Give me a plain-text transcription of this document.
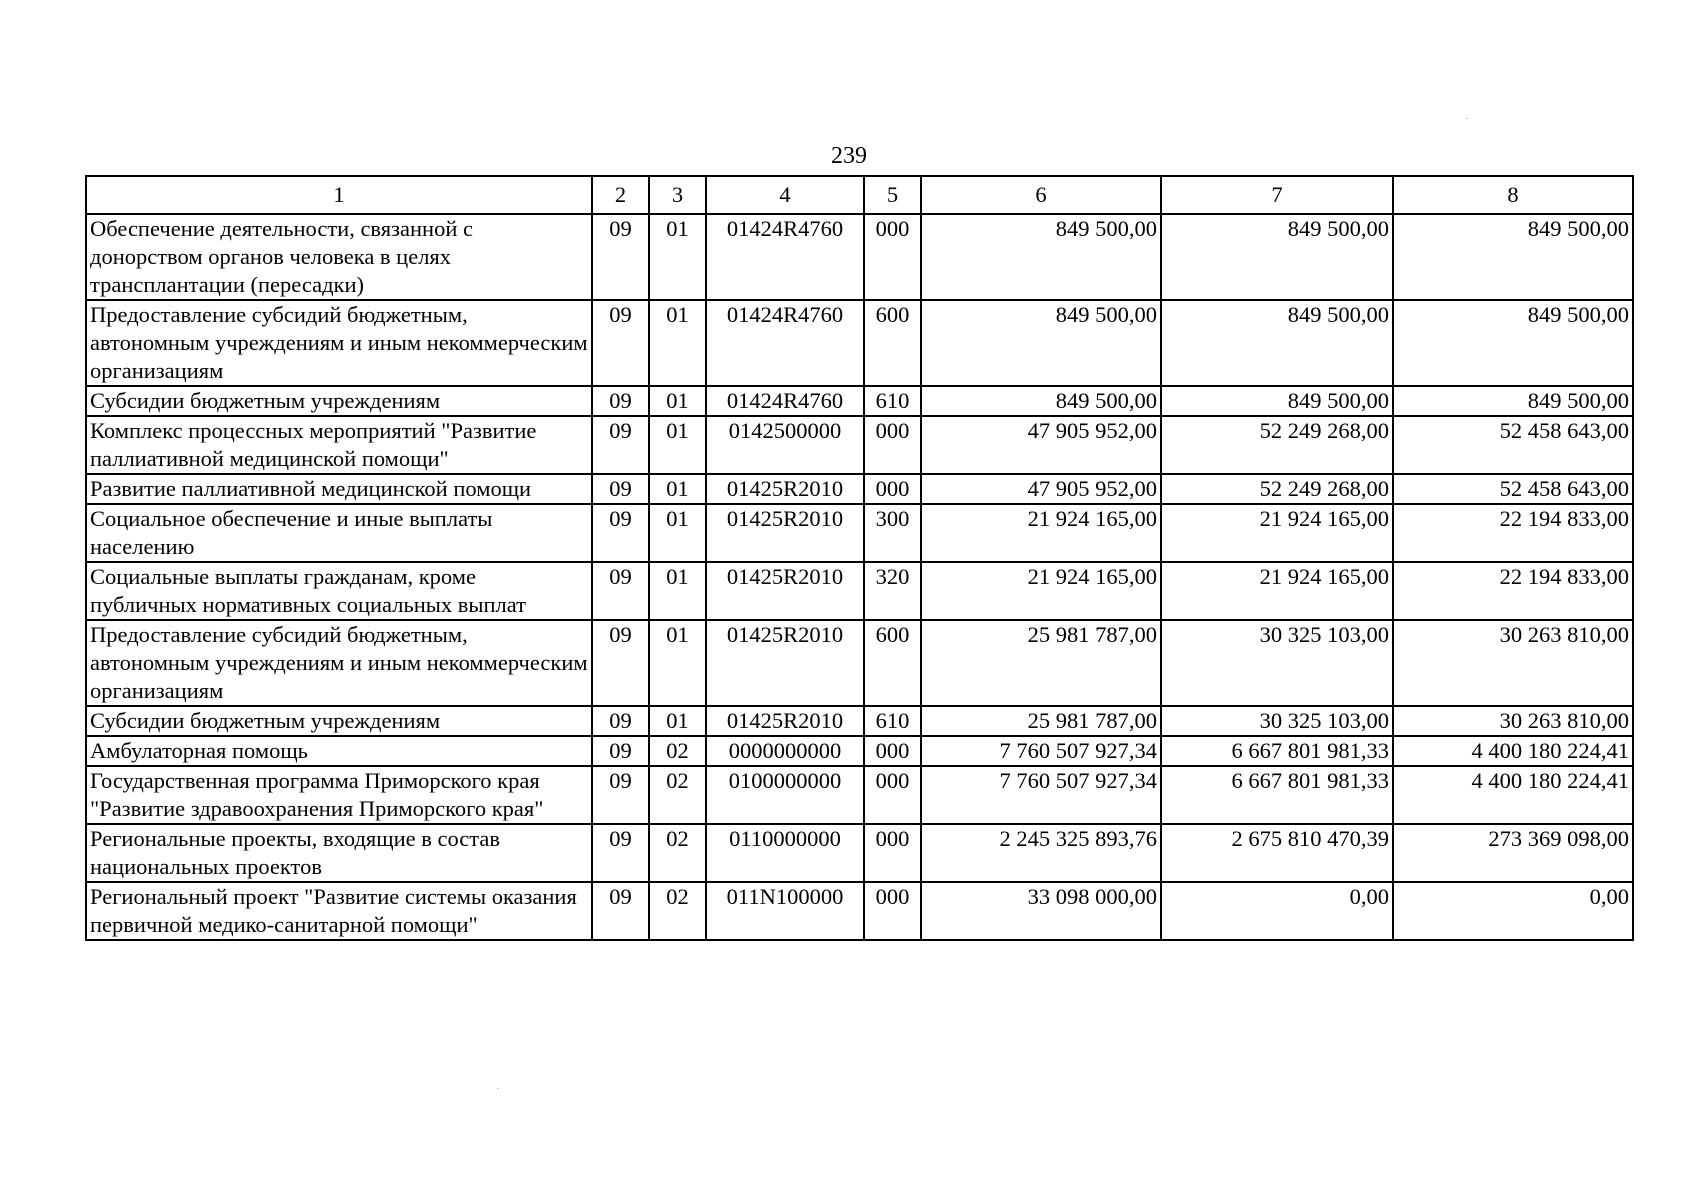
239
1	2	3	4	5	6	7	8
Обеспечение деятельности, связанной с донорством органов человека в целях трансплантации (пересадки)	09	01	01424R4760	000	849 500,00	849 500,00	849 500,00
Предоставление субсидий бюджетным, автономным учреждениям и иным некоммерческим организациям	09	01	01424R4760	600	849 500,00	849 500,00	849 500,00
Субсидии бюджетным учреждениям	09	01	01424R4760	610	849 500,00	849 500,00	849 500,00
Комплекс процессных мероприятий "Развитие паллиативной медицинской помощи"	09	01	0142500000	000	47 905 952,00	52 249 268,00	52 458 643,00
Развитие паллиативной медицинской помощи	09	01	01425R2010	000	47 905 952,00	52 249 268,00	52 458 643,00
Социальное обеспечение и иные выплаты населению	09	01	01425R2010	300	21 924 165,00	21 924 165,00	22 194 833,00
Социальные выплаты гражданам, кроме публичных нормативных социальных выплат	09	01	01425R2010	320	21 924 165,00	21 924 165,00	22 194 833,00
Предоставление субсидий бюджетным, автономным учреждениям и иным некоммерческим организациям	09	01	01425R2010	600	25 981 787,00	30 325 103,00	30 263 810,00
Субсидии бюджетным учреждениям	09	01	01425R2010	610	25 981 787,00	30 325 103,00	30 263 810,00
Амбулаторная помощь	09	02	0000000000	000	7 760 507 927,34	6 667 801 981,33	4 400 180 224,41
Государственная программа Приморского края "Развитие здравоохранения Приморского края"	09	02	0100000000	000	7 760 507 927,34	6 667 801 981,33	4 400 180 224,41
Региональные проекты, входящие в состав национальных проектов	09	02	0110000000	000	2 245 325 893,76	2 675 810 470,39	273 369 098,00
Региональный проект "Развитие системы оказания первичной медико-санитарной помощи"	09	02	011N100000	000	33 098 000,00	0,00	0,00
